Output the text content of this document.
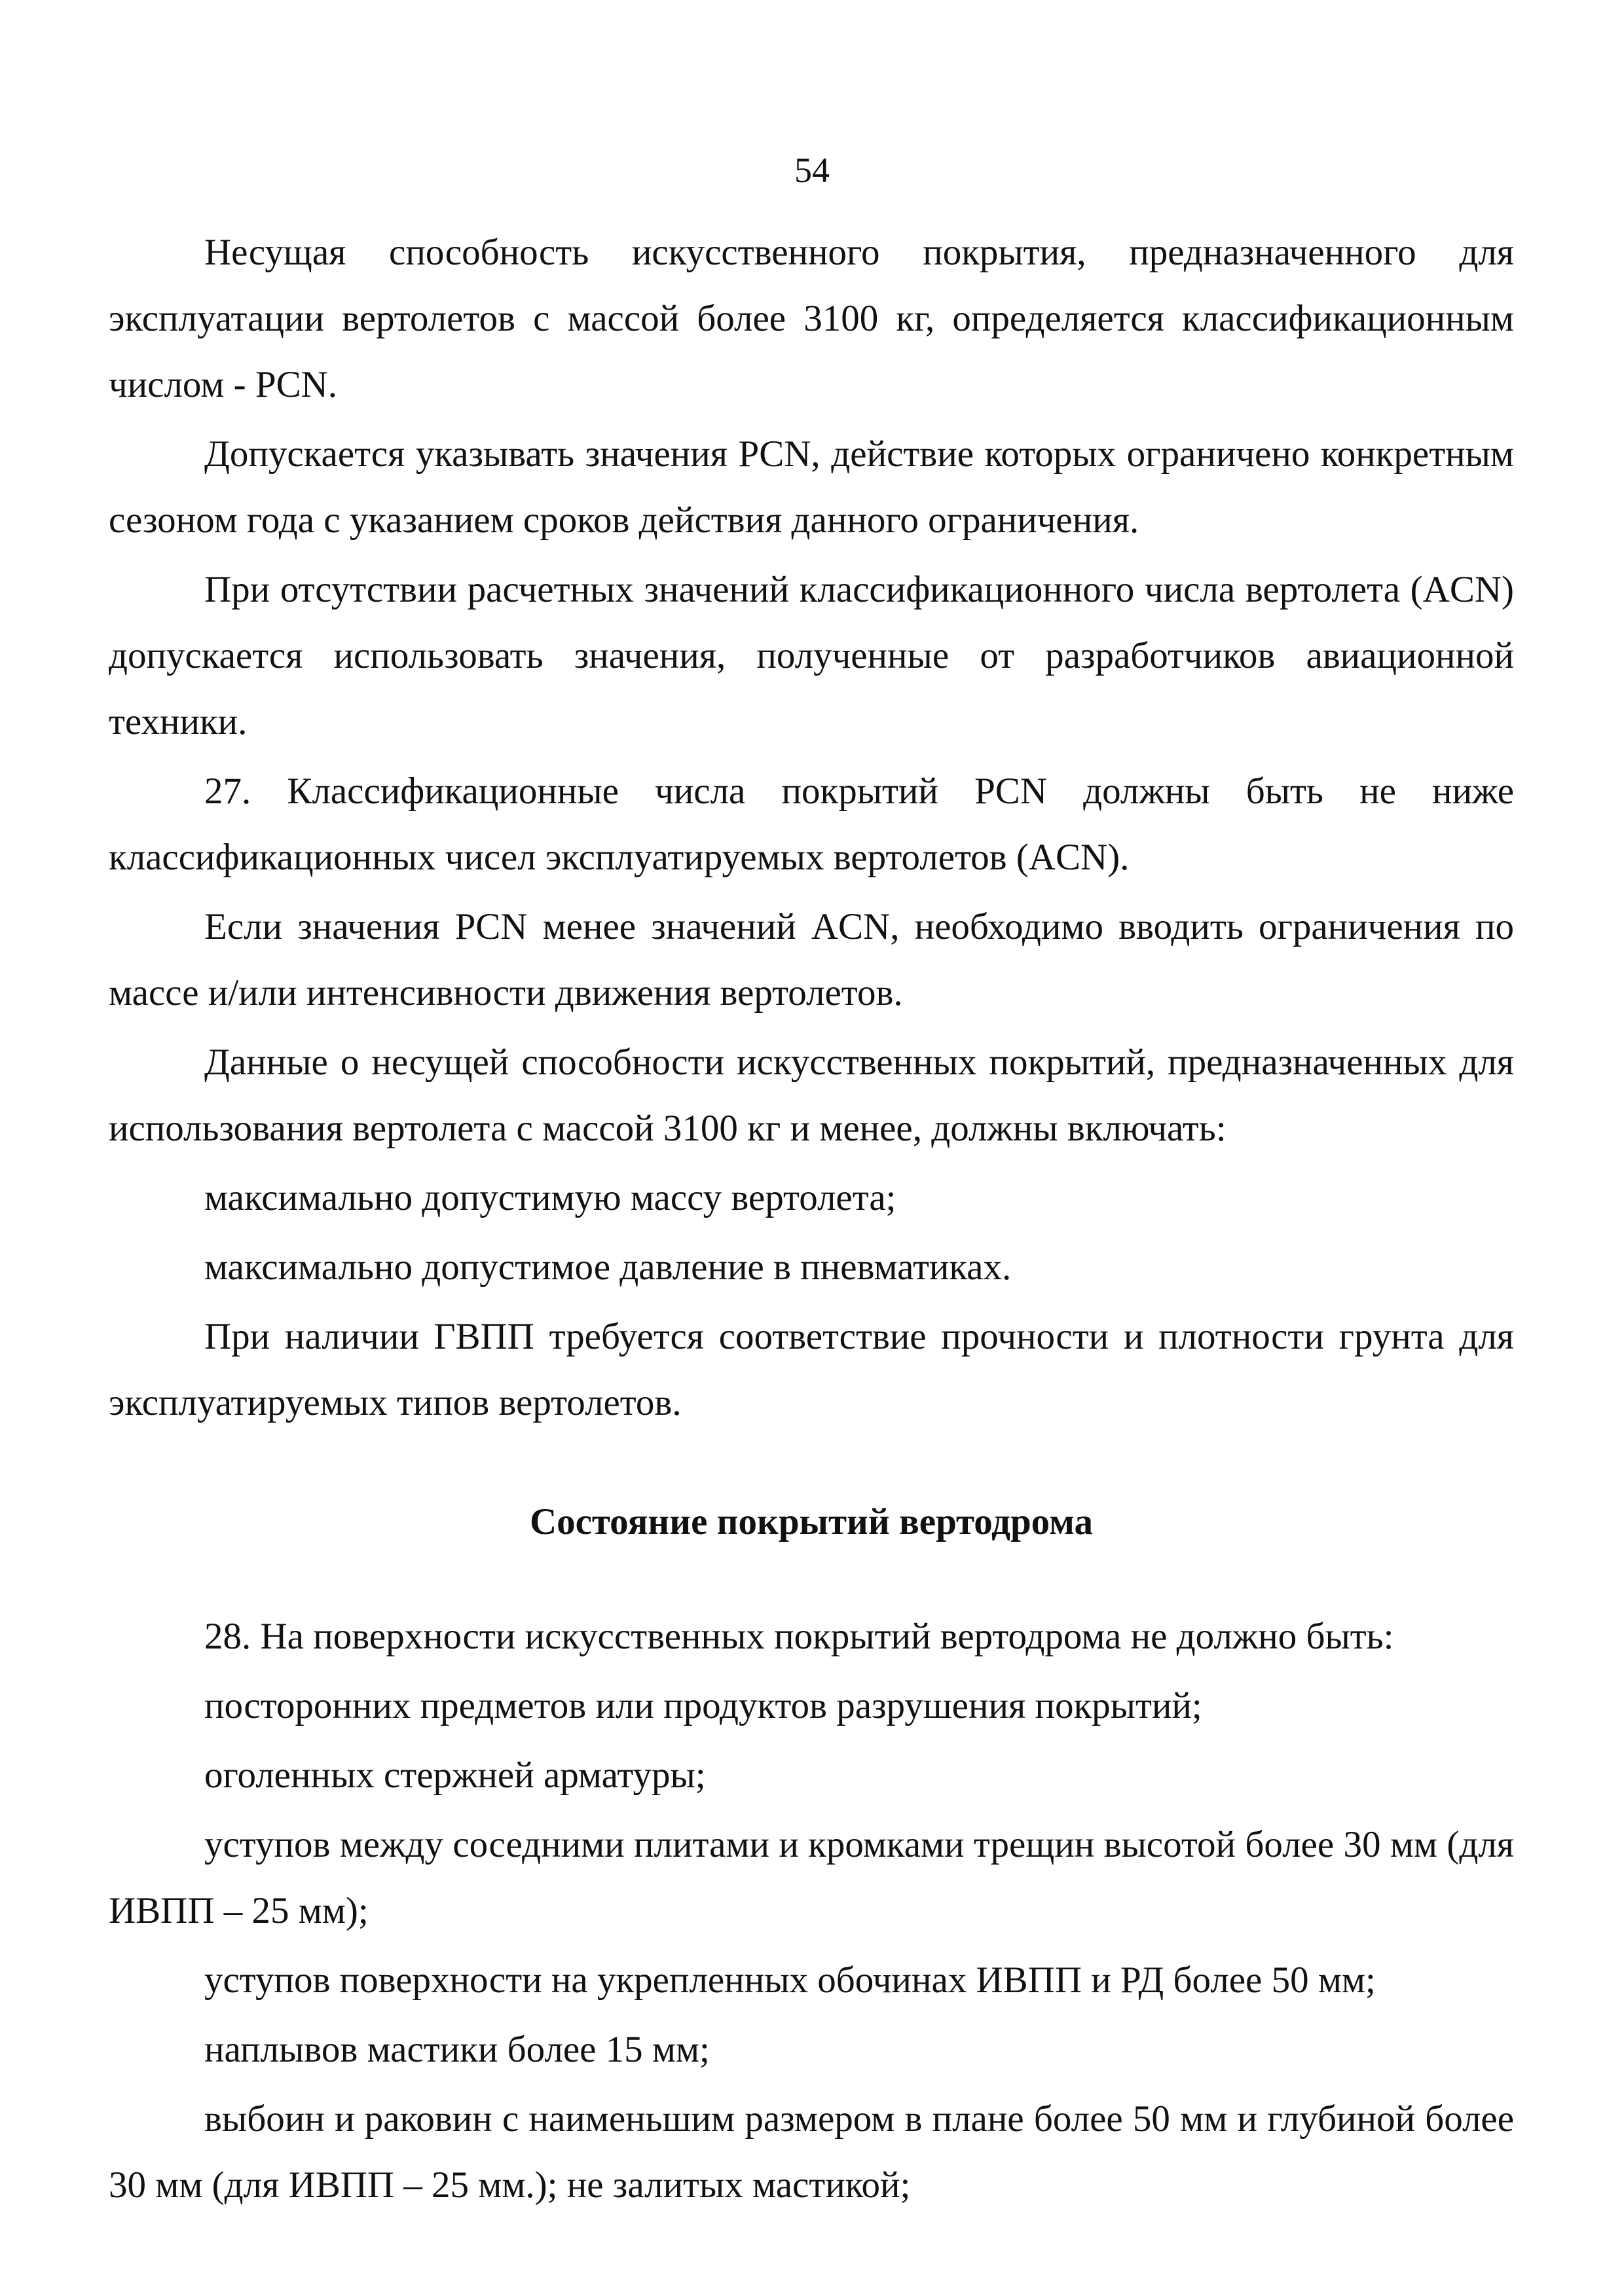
54

Несущая способность искусственного покрытия, предназначенного для эксплуатации вертолетов с массой более 3100 кг, определяется классификационным числом - PCN.

Допускается указывать значения PCN, действие которых ограничено конкретным сезоном года с указанием сроков действия данного ограничения.

При отсутствии расчетных значений классификационного числа вертолета (ACN) допускается использовать значения, полученные от разработчиков авиационной техники.

27. Классификационные числа покрытий PCN должны быть не ниже классификационных чисел эксплуатируемых вертолетов (ACN).

Если значения PCN менее значений ACN, необходимо вводить ограничения по массе и/или интенсивности движения вертолетов.

Данные о несущей способности искусственных покрытий, предназначенных для использования вертолета с массой 3100 кг и менее, должны включать:

максимально допустимую массу вертолета;

максимально допустимое давление в пневматиках.

При наличии ГВПП требуется соответствие прочности и плотности грунта для эксплуатируемых типов вертолетов.

Состояние покрытий вертодрома

28. На поверхности искусственных покрытий вертодрома не должно быть:

посторонних предметов или продуктов разрушения покрытий;

оголенных стержней арматуры;

уступов между соседними плитами и кромками трещин высотой более 30 мм (для ИВПП – 25 мм);

уступов поверхности на укрепленных обочинах ИВПП и РД более 50 мм;

наплывов мастики более 15 мм;

выбоин и раковин с наименьшим размером в плане более 50 мм и глубиной более 30 мм (для ИВПП – 25 мм.); не залитых мастикой;
